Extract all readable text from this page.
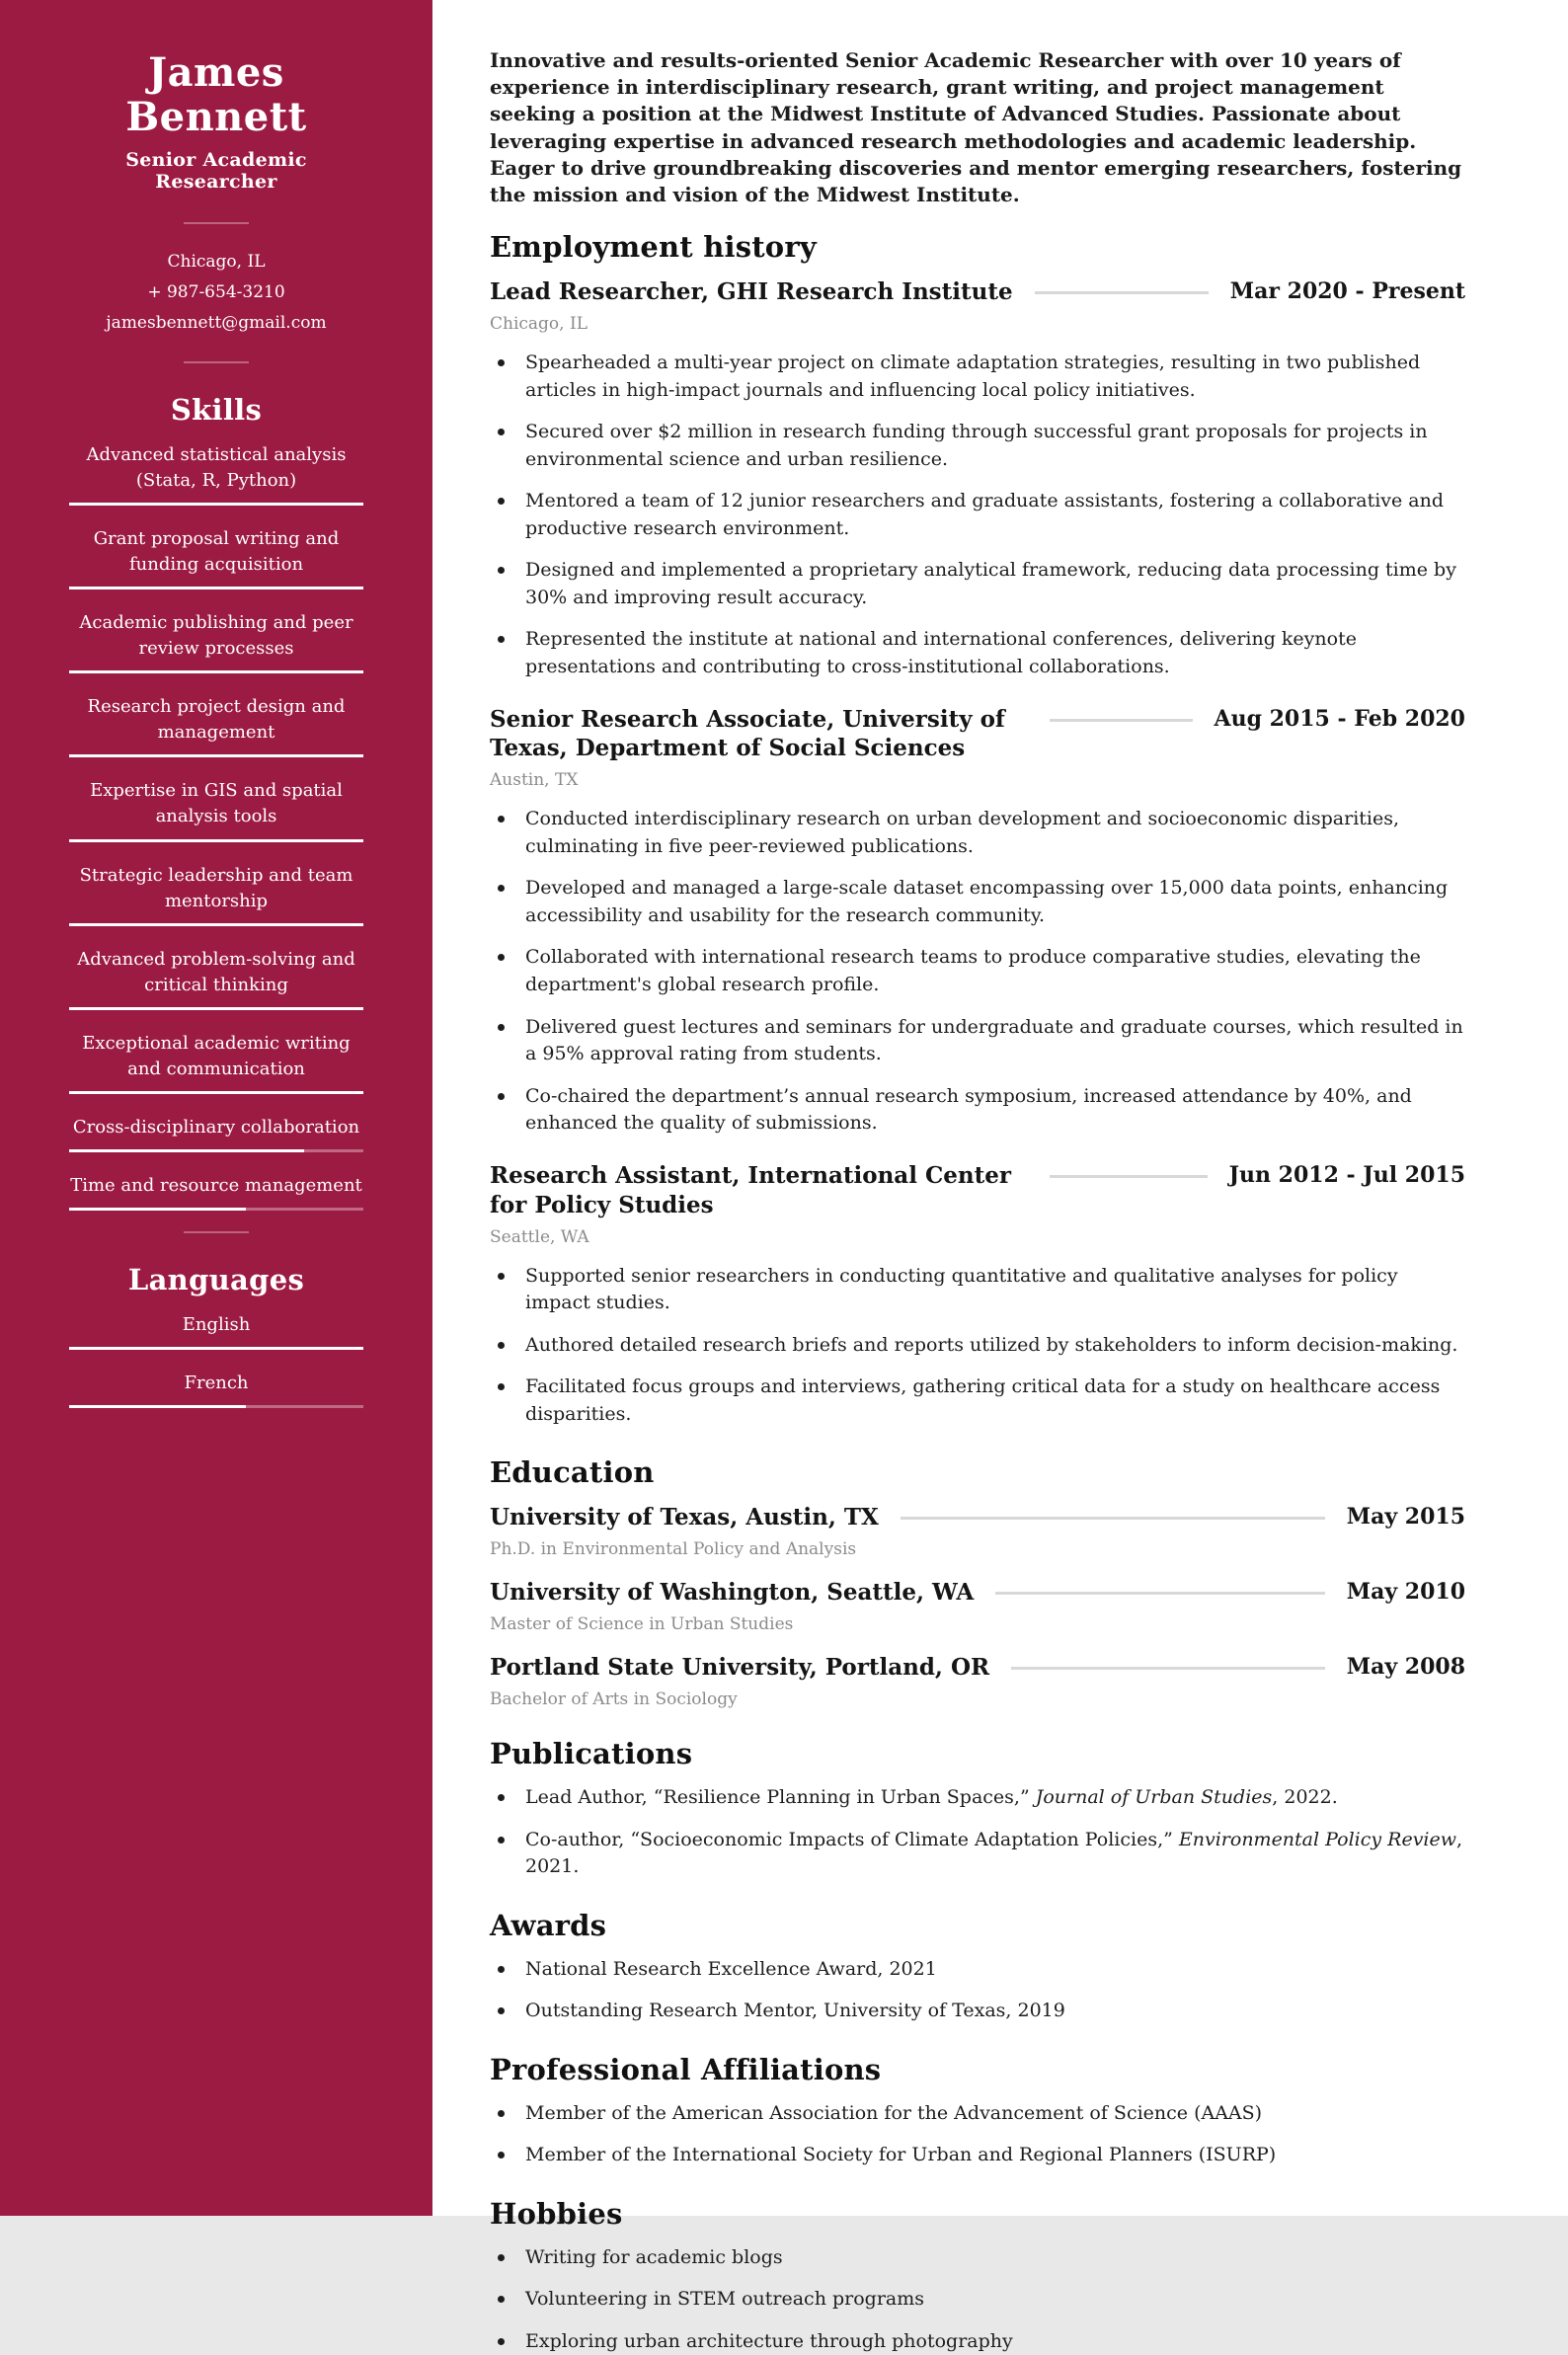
James Bennett
Senior Academic Researcher
Chicago, IL
+ 987-654-3210
jamesbennett@gmail.com
Skills
Advanced statistical analysis (Stata, R, Python)
Grant proposal writing and funding acquisition
Academic publishing and peer review processes
Research project design and management
Expertise in GIS and spatial analysis tools
Strategic leadership and team mentorship
Advanced problem-solving and critical thinking
Exceptional academic writing and communication
Cross-disciplinary collaboration
Time and resource management
Languages
English
French

Innovative and results-oriented Senior Academic Researcher with over 10 years of experience in interdisciplinary research, grant writing, and project management seeking a position at the Midwest Institute of Advanced Studies. Passionate about leveraging expertise in advanced research methodologies and academic leadership. Eager to drive groundbreaking discoveries and mentor emerging researchers, fostering the mission and vision of the Midwest Institute.

Employment history
Lead Researcher, GHI Research Institute	Mar 2020 - Present
Chicago, IL
Spearheaded a multi-year project on climate adaptation strategies, resulting in two published articles in high-impact journals and influencing local policy initiatives.
Secured over $2 million in research funding through successful grant proposals for projects in environmental science and urban resilience.
Mentored a team of 12 junior researchers and graduate assistants, fostering a collaborative and productive research environment.
Designed and implemented a proprietary analytical framework, reducing data processing time by 30% and improving result accuracy.
Represented the institute at national and international conferences, delivering keynote presentations and contributing to cross-institutional collaborations.
Senior Research Associate, University of Texas, Department of Social Sciences
Aug 2015 - Feb 2020
Austin, TX
Conducted interdisciplinary research on urban development and socioeconomic disparities, culminating in five peer-reviewed publications.
Developed and managed a large-scale dataset encompassing over 15,000 data points, enhancing accessibility and usability for the research community.
Collaborated with international research teams to produce comparative studies, elevating the department's global research profile.
Delivered guest lectures and seminars for undergraduate and graduate courses, which resulted in a 95% approval rating from students.
Co-chaired the department’s annual research symposium, increased attendance by 40%, and enhanced the quality of submissions.
Research Assistant, International Center for Policy Studies
Jun 2012 - Jul 2015
Seattle, WA
Supported senior researchers in conducting quantitative and qualitative analyses for policy impact studies.
Authored detailed research briefs and reports utilized by stakeholders to inform decision-making.
Facilitated focus groups and interviews, gathering critical data for a study on healthcare access disparities.
Education
University of Texas, Austin, TX	May 2015
Ph.D. in Environmental Policy and Analysis
University of Washington, Seattle, WA	May 2010
Master of Science in Urban Studies
Portland State University, Portland, OR	May 2008
Bachelor of Arts in Sociology
Publications
Lead Author, “Resilience Planning in Urban Spaces,” Journal of Urban Studies, 2022.
Co-author, “Socioeconomic Impacts of Climate Adaptation Policies,” Environmental Policy Review, 2021.
Awards
National Research Excellence Award, 2021
Outstanding Research Mentor, University of Texas, 2019
Professional Affiliations
Member of the American Association for the Advancement of Science (AAAS)
Member of the International Society for Urban and Regional Planners (ISURP)
Hobbies
Writing for academic blogs
Volunteering in STEM outreach programs
Exploring urban architecture through photography
